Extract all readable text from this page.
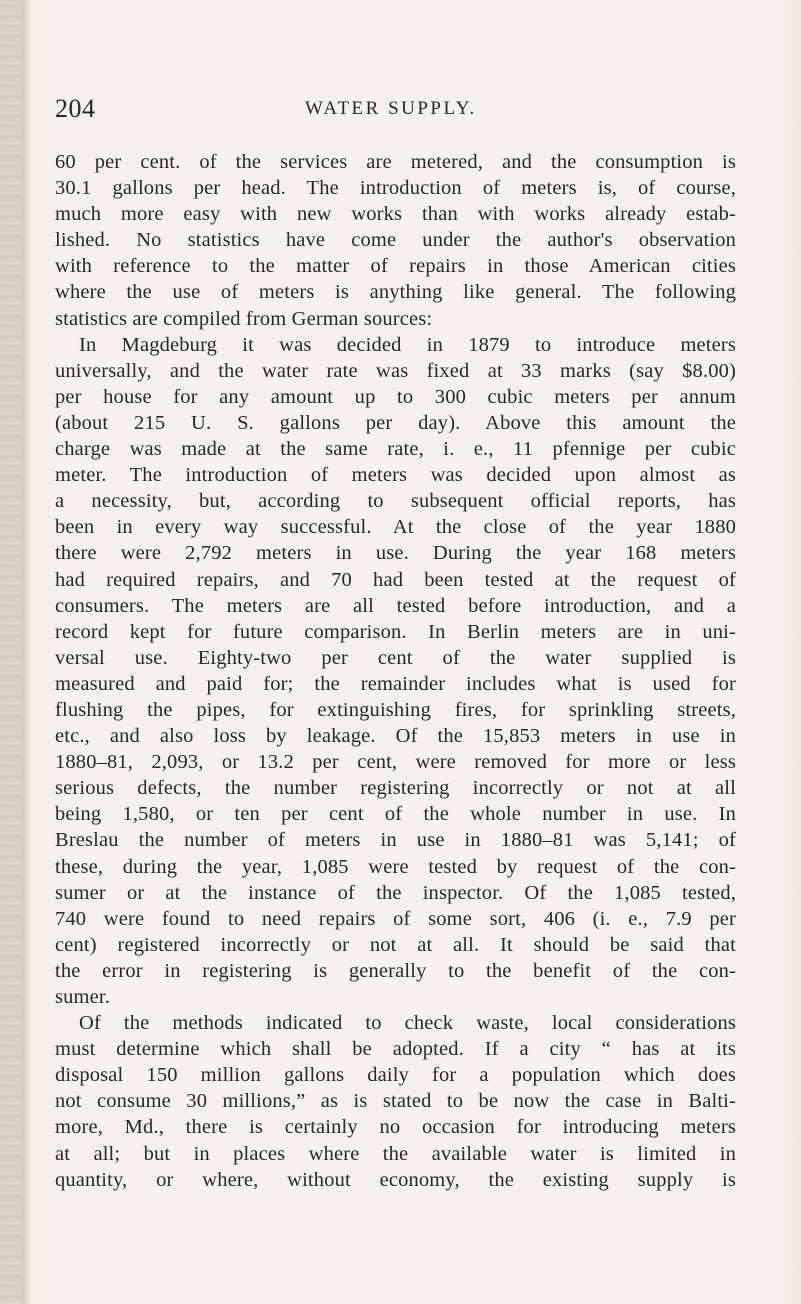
204	WATER SUPPLY.
60 per cent. of the services are metered, and the consumption is
30.1 gallons per head. The introduction of meters is, of course,
much more easy with new works than with works already estab-
lished. No statistics have come under the author's observation
with reference to the matter of repairs in those American cities
where the use of meters is anything like general. The following
statistics are compiled from German sources:
In Magdeburg it was decided in 1879 to introduce meters
universally, and the water rate was fixed at 33 marks (say $8.00)
per house for any amount up to 300 cubic meters per annum
(about 215 U. S. gallons per day). Above this amount the
charge was made at the same rate, i. e., 11 pfennige per cubic
meter. The introduction of meters was decided upon almost as
a necessity, but, according to subsequent official reports, has
been in every way successful. At the close of the year 1880
there were 2,792 meters in use. During the year 168 meters
had required repairs, and 70 had been tested at the request of
consumers. The meters are all tested before introduction, and a
record kept for future comparison. In Berlin meters are in uni-
versal use. Eighty-two per cent of the water supplied is
measured and paid for; the remainder includes what is used for
flushing the pipes, for extinguishing fires, for sprinkling streets,
etc., and also loss by leakage. Of the 15,853 meters in use in
1880–81, 2,093, or 13.2 per cent, were removed for more or less
serious defects, the number registering incorrectly or not at all
being 1,580, or ten per cent of the whole number in use. In
Breslau the number of meters in use in 1880–81 was 5,141; of
these, during the year, 1,085 were tested by request of the con-
sumer or at the instance of the inspector. Of the 1,085 tested,
740 were found to need repairs of some sort, 406 (i. e., 7.9 per
cent) registered incorrectly or not at all. It should be said that
the error in registering is generally to the benefit of the con-
sumer.
Of the methods indicated to check waste, local considerations
must determine which shall be adopted. If a city “ has at its
disposal 150 million gallons daily for a population which does
not consume 30 millions,” as is stated to be now the case in Balti-
more, Md., there is certainly no occasion for introducing meters
at all; but in places where the available water is limited in
quantity, or where, without economy, the existing supply is
